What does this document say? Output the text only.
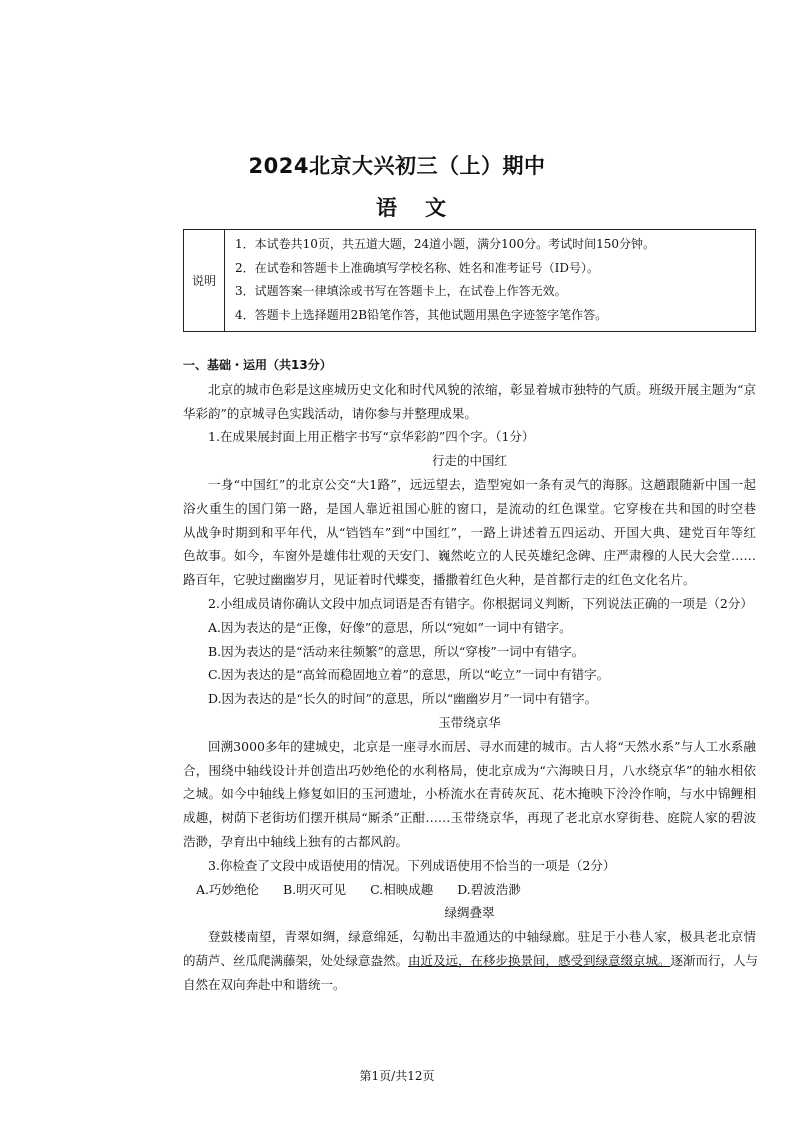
2024北京大兴初三（上）期中
语文
说明
1．本试卷共10页，共五道大题，24道小题，满分100分。考试时间150分钟。
2．在试卷和答题卡上准确填写学校名称、姓名和准考证号（ID号）。
3．试题答案一律填涂或书写在答题卡上，在试卷上作答无效。
4．答题卡上选择题用2B铅笔作答，其他试题用黑色字迹签字笔作答。
一、基础・运用（共13分）
北京的城市色彩是这座城历史文化和时代风貌的浓缩，彰显着城市独特的气质。班级开展主题为“京
华彩韵”的京城寻色实践活动，请你参与并整理成果。
1.在成果展封面上用正楷字书写“京华彩韵”四个字。（1分）
行走的中国红
一身“中国红”的北京公交“大1路”，远远望去，造型宛如一条有灵气的海豚。这趟跟随新中国一起
浴火重生的国门第一路，是国人靠近祖国心脏的窗口，是流动的红色课堂。它穿梭在共和国的时空巷
从战争时期到和平年代，从“铛铛车”到“中国红”，一路上讲述着五四运动、开国大典、建党百年等红
色故事。如今，车窗外是雄伟壮观的天安门、巍然屹立的人民英雄纪念碑、庄严肃穆的人民大会堂……
路百年，它驶过幽幽岁月，见证着时代蝶变，播撒着红色火种，是首都行走的红色文化名片。
2.小组成员请你确认文段中加点词语是否有错字。你根据词义判断，下列说法正确的一项是（2分）
A.因为表达的是“正像，好像”的意思，所以“宛如”一词中有错字。
B.因为表达的是“活动来往频繁”的意思，所以“穿梭”一词中有错字。
C.因为表达的是“高耸而稳固地立着”的意思，所以“屹立”一词中有错字。
D.因为表达的是“长久的时间”的意思，所以“幽幽岁月”一词中有错字。
玉带绕京华
回溯3000多年的建城史，北京是一座寻水而居、寻水而建的城市。古人将“天然水系”与人工水系融
合，围绕中轴线设计并创造出巧妙绝伦的水利格局，使北京成为“六海映日月，八水绕京华”的轴水相依
之城。如今中轴线上修复如旧的玉河遗址，小桥流水在青砖灰瓦、花木掩映下泠泠作响，与水中锦鲤相
成趣，树荫下老街坊们摆开棋局“厮杀”正酣……玉带绕京华，再现了老北京水穿街巷、庭院人家的碧波
浩渺，孕育出中轴线上独有的古都风韵。
3.你检查了文段中成语使用的情况。下列成语使用不恰当的一项是（2分）
A.巧妙绝伦 B.明灭可见 C.相映成趣 D.碧波浩渺
绿绸叠翠
登鼓楼南望，青翠如绸，绿意绵延，勾勒出丰盈通达的中轴绿廊。驻足于小巷人家，极具老北京情
的葫芦、丝瓜爬满藤架，处处绿意盎然。由近及远，在移步换景间，感受到绿意缀京城。逐渐而行，人与
自然在双向奔赴中和谐统一。
第1页/共12页
